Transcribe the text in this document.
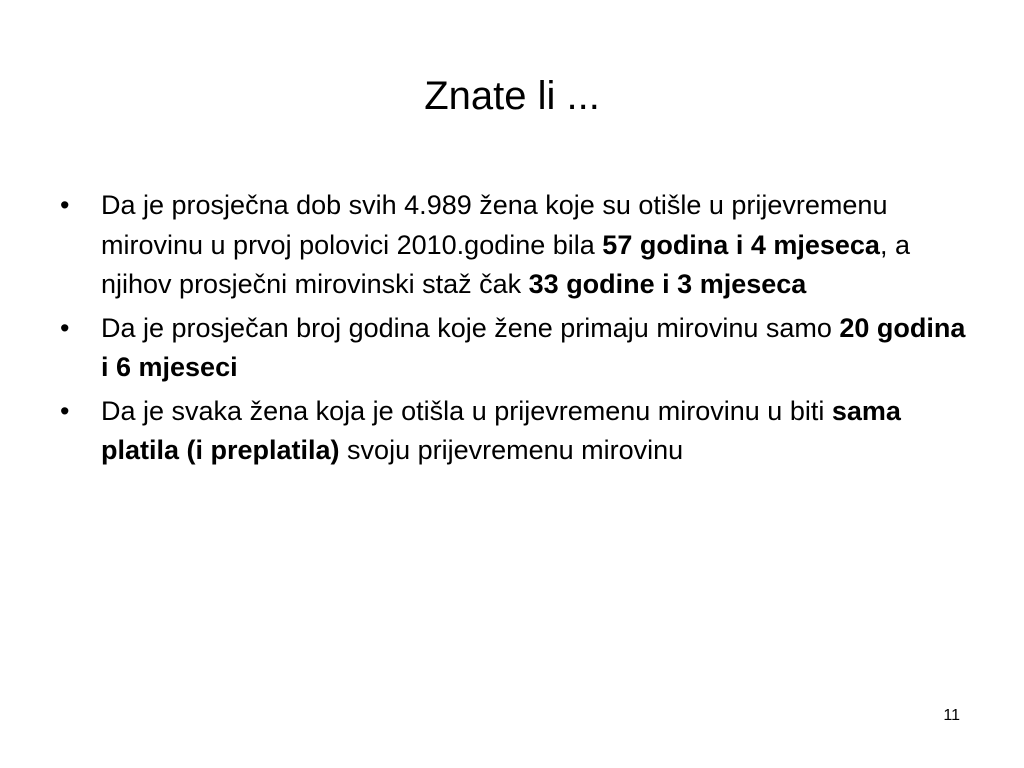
Znate li ...
•	Da je prosječna dob svih 4.989 žena koje su otišle u prijevremenu mirovinu u prvoj polovici 2010.godine bila 57 godina i 4 mjeseca, a njihov prosječni mirovinski staž čak 33 godine i 3 mjeseca
•	Da je prosječan broj godina koje žene primaju mirovinu samo 20 godina i 6 mjeseci
•	Da je svaka žena koja je otišla u prijevremenu mirovinu u biti sama platila (i preplatila) svoju prijevremenu mirovinu
11
